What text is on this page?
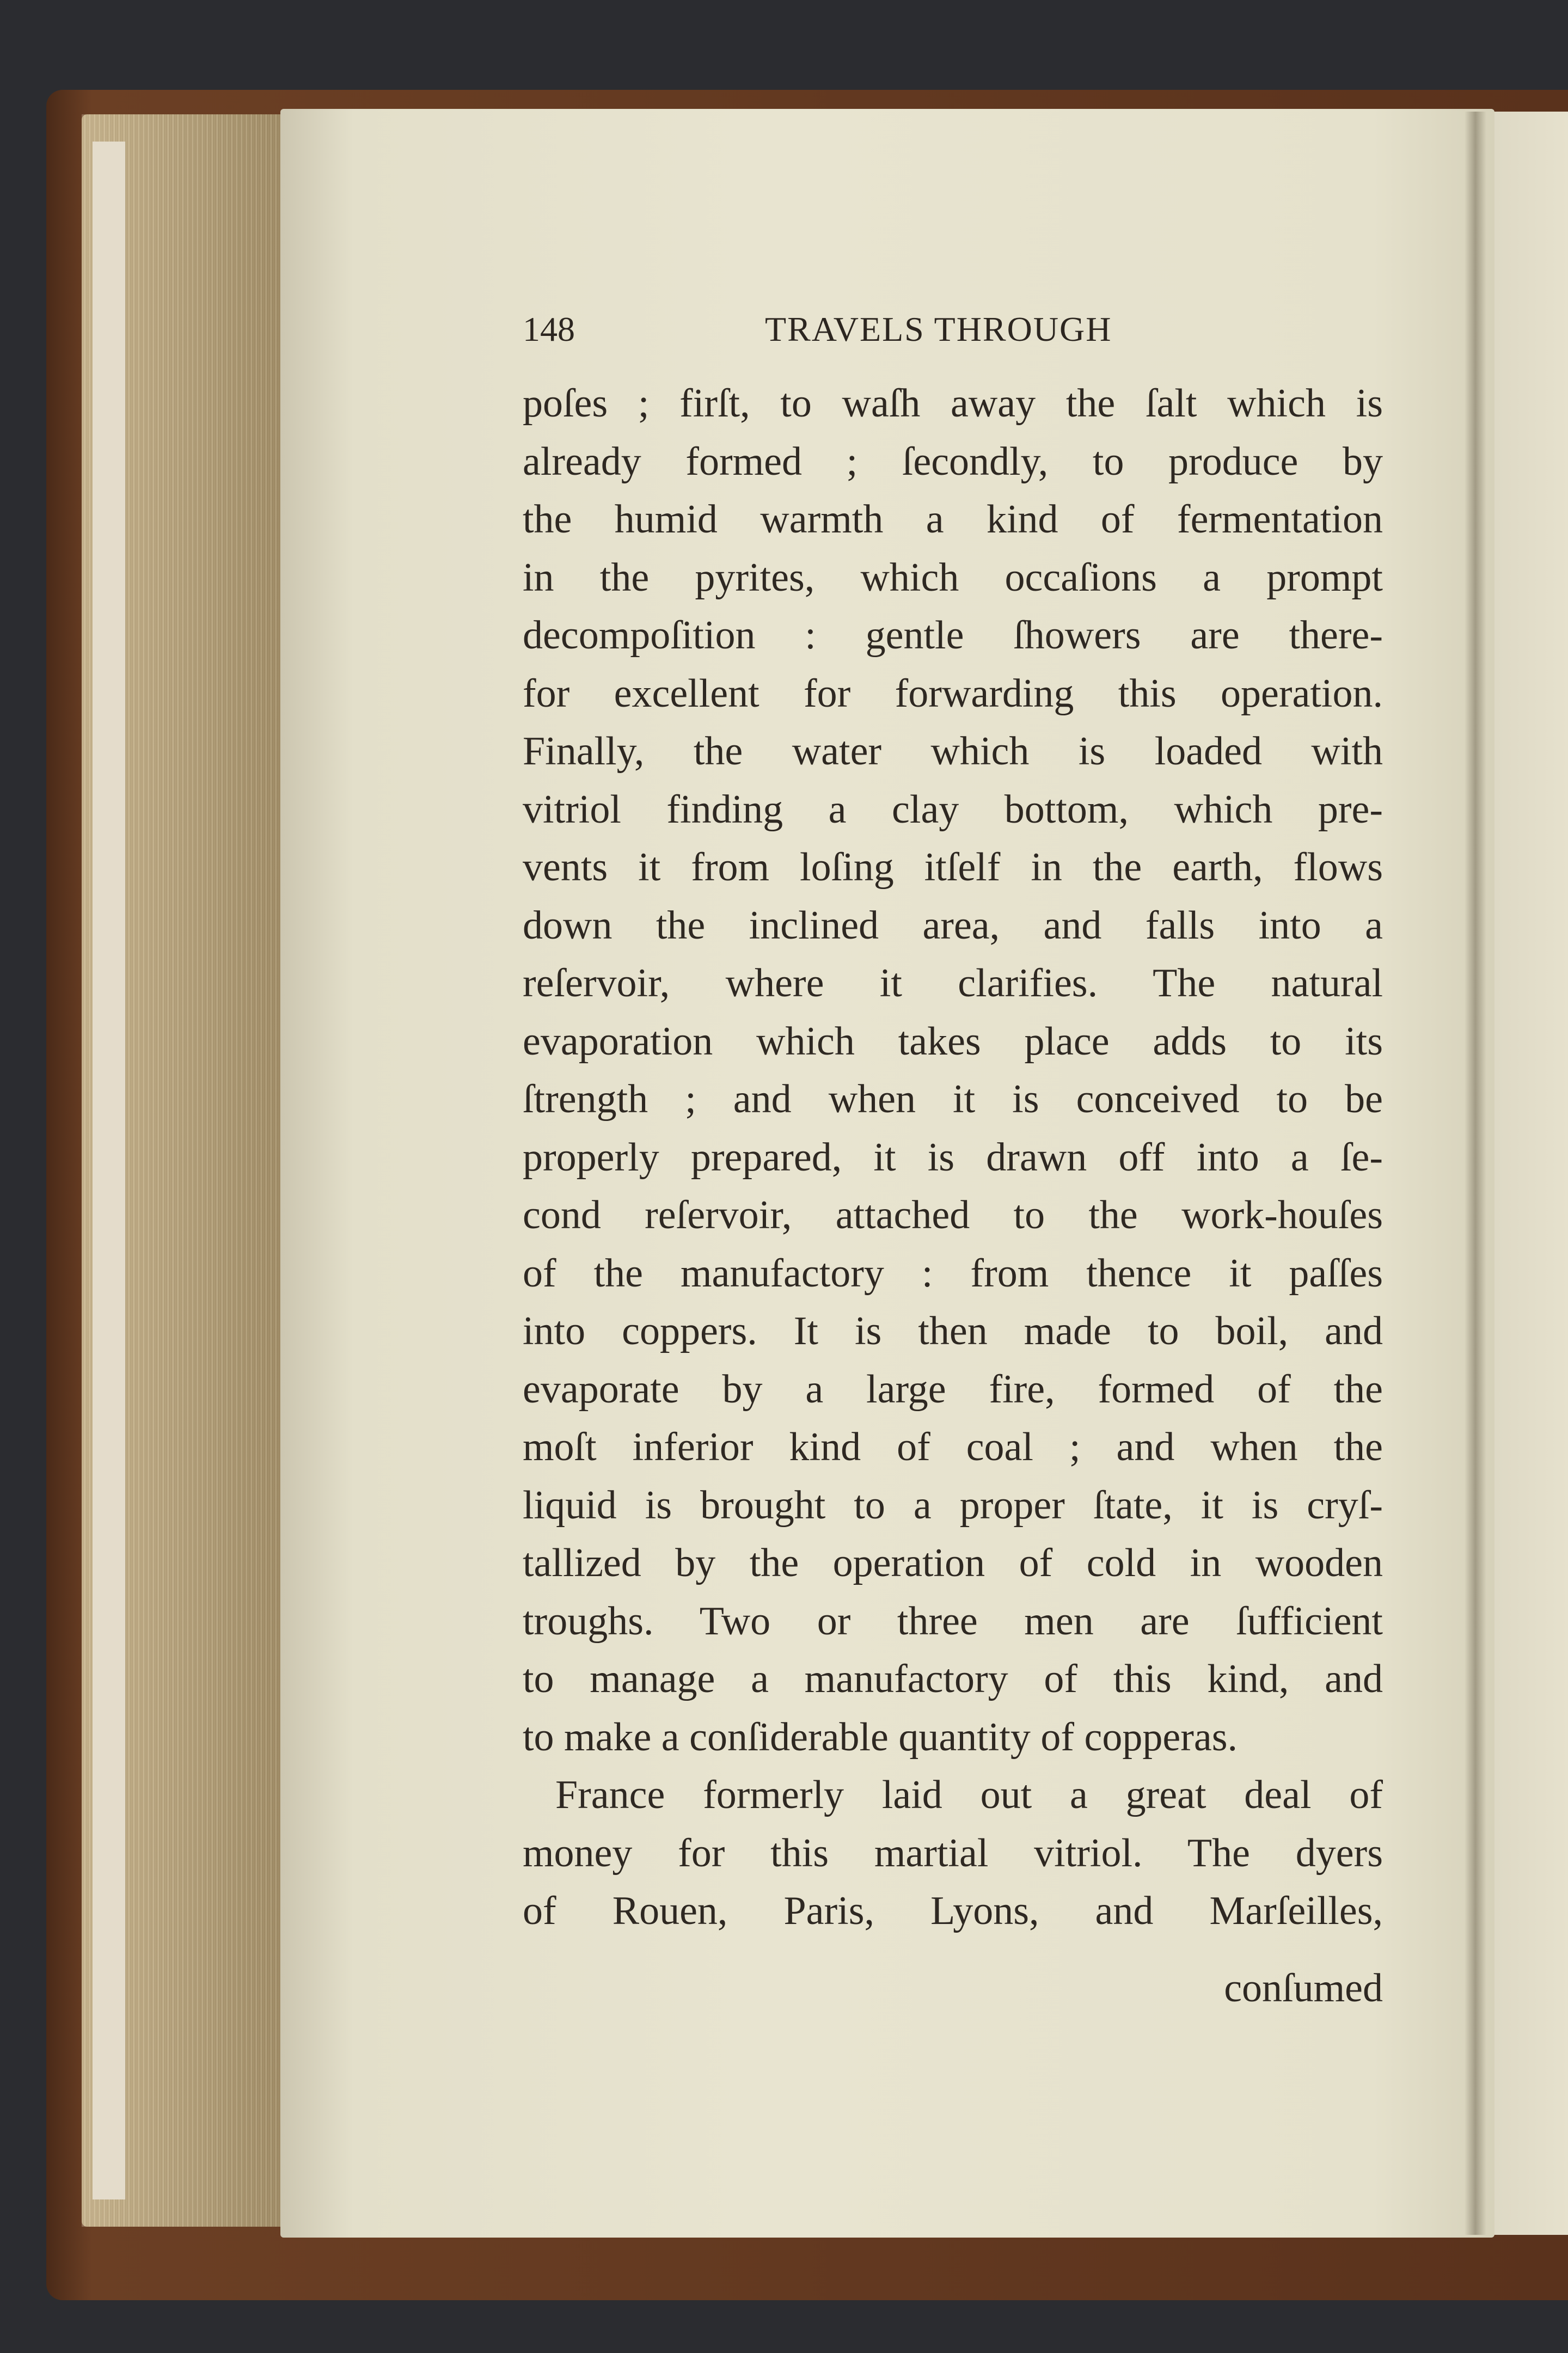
148	TRAVELS THROUGH
poſes ; firſt, to waſh away the ſalt which is
already formed ; ſecondly, to produce by
the humid warmth a kind of fermentation
in the pyrites, which occaſions a prompt
decompoſition : gentle ſhowers are there-
for excellent for forwarding this operation.
Finally, the water which is loaded with
vitriol finding a clay bottom, which pre-
vents it from loſing itſelf in the earth, flows
down the inclined area, and falls into a
reſervoir, where it clarifies. The natural
evaporation which takes place adds to its
ſtrength ; and when it is conceived to be
properly prepared, it is drawn off into a ſe-
cond reſervoir, attached to the work-houſes
of the manufactory : from thence it paſſes
into coppers. It is then made to boil, and
evaporate by a large fire, formed of the
moſt inferior kind of coal ; and when the
liquid is brought to a proper ſtate, it is cryſ-
tallized by the operation of cold in wooden
troughs. Two or three men are ſufficient
to manage a manufactory of this kind, and
to make a conſiderable quantity of copperas.
France formerly laid out a great deal of
money for this martial vitriol. The dyers
of Rouen, Paris, Lyons, and Marſeilles,
conſumed
